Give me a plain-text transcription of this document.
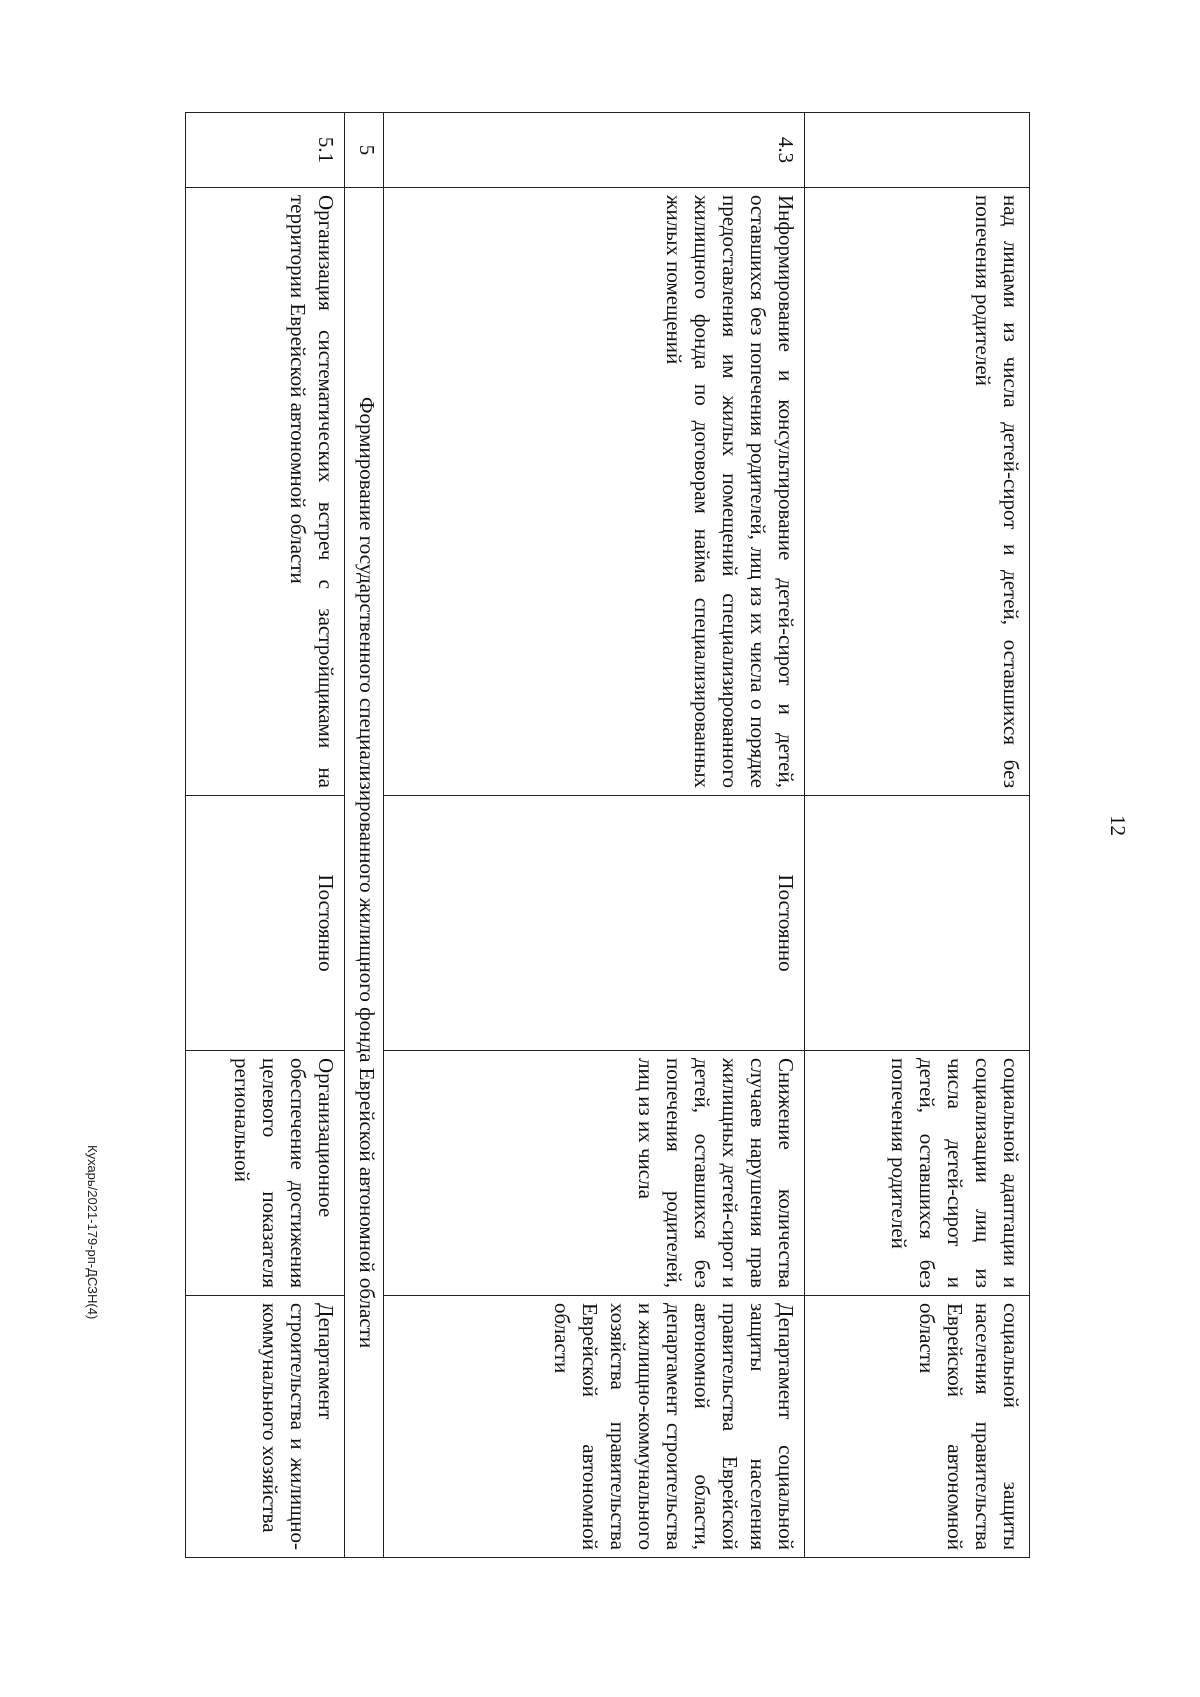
12
	над лицами из числа детей-сирот и детей, оставшихся без попечения родителей		социальной адаптации и социализации лиц из числа детей-сирот и детей, оставшихся без попечения родителей	социальной защиты населения правительства Еврейской автономной области
4.3	Информирование и консультирование детей-сирот и детей, оставшихся без попечения родителей, лиц из их числа о порядке предоставления им жилых помещений специализированного жилищного фонда по договорам найма специализированных жилых помещений	Постоянно	Снижение количества случаев нарушения прав жилищных детей-сирот и детей, оставшихся без попечения родителей, лиц из их числа	Департамент социальной защиты населения правительства Еврейской автономной области, департамент строительства и жилищно-коммунального хозяйства правительства Еврейской автономной области
5	Формирование государственного специализированного жилищного фонда Еврейской автономной области			
5.1	Организация систематических встреч с застройщиками на территории Еврейской автономной области	Постоянно	Организационное обеспечение достижения целевого показателя региональной	Департамент строительства и жилищно-коммунального хозяйства
Кухарь/2021-179-рп-ДСЗН(4)
